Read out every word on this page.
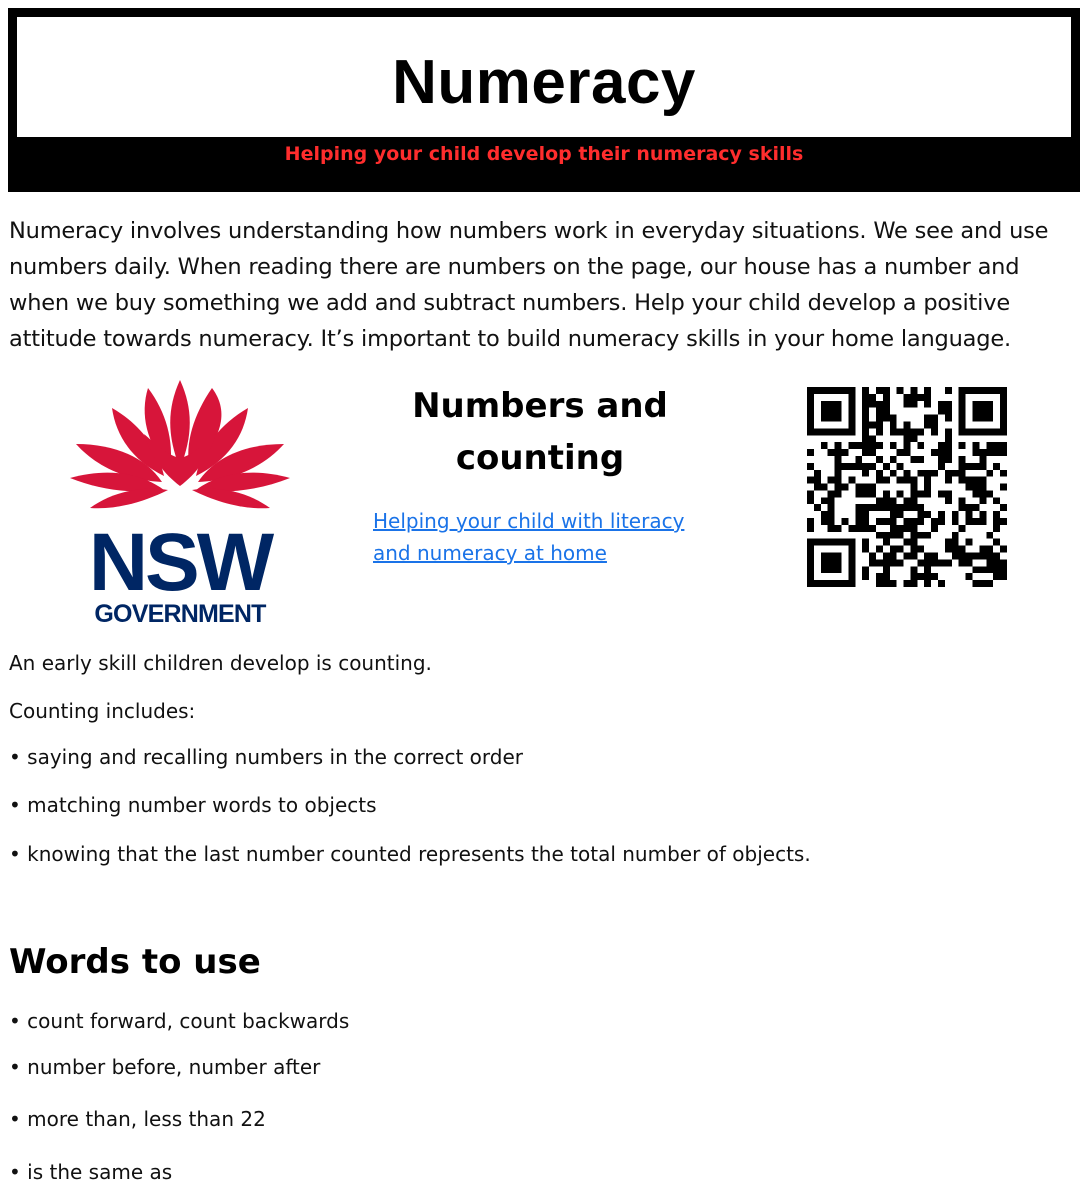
Numeracy
Helping your child develop their numeracy skills

Numeracy involves understanding how numbers work in everyday situations. We see and use numbers daily. When reading there are numbers on the page, our house has a number and when we buy something we add and subtract numbers. Help your child develop a positive attitude towards numeracy. It’s important to build numeracy skills in your home language.

NSW
GOVERNMENT
Numbers and
counting
Helping your child with literacy
and numeracy at home

An early skill children develop is counting.

Counting includes:

• saying and recalling numbers in the correct order

• matching number words to objects

• knowing that the last number counted represents the total number of objects.

Words to use

• count forward, count backwards

• number before, number after

• more than, less than 22

• is the same as
